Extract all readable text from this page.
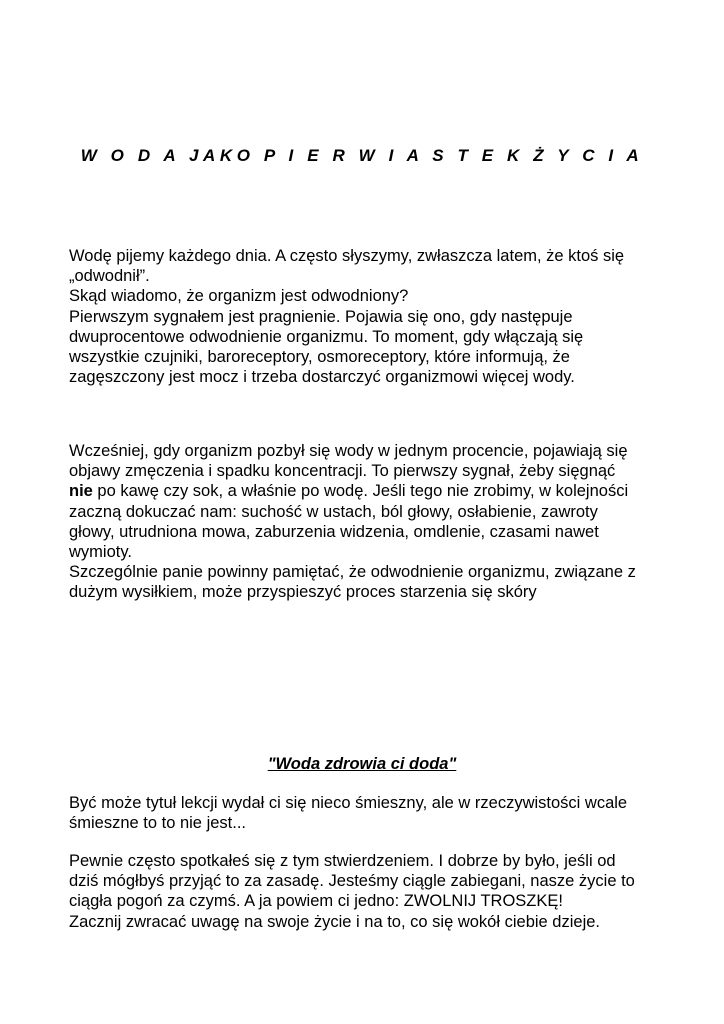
W O D A JAKO P I E R W I A S T E K Ż Y C I A
Wodę pijemy każdego dnia. A często słyszymy, zwłaszcza latem, że ktoś się
„odwodnił”.
Skąd wiadomo, że organizm jest odwodniony?
Pierwszym sygnałem jest pragnienie. Pojawia się ono, gdy następuje
dwuprocentowe odwodnienie organizmu. To moment, gdy włączają się
wszystkie czujniki, baroreceptory, osmoreceptory, które informują, że
zagęszczony jest mocz i trzeba dostarczyć organizmowi więcej wody.
Wcześniej, gdy organizm pozbył się wody w jednym procencie, pojawiają się
objawy zmęczenia i spadku koncentracji. To pierwszy sygnał, żeby sięgnąć
nie po kawę czy sok, a właśnie po wodę. Jeśli tego nie zrobimy, w kolejności
zaczną dokuczać nam: suchość w ustach, ból głowy, osłabienie, zawroty
głowy, utrudniona mowa, zaburzenia widzenia, omdlenie, czasami nawet
wymioty.
Szczególnie panie powinny pamiętać, że odwodnienie organizmu, związane z
dużym wysiłkiem, może przyspieszyć proces starzenia się skóry
"Woda zdrowia ci doda"
Być może tytuł lekcji wydał ci się nieco śmieszny, ale w rzeczywistości wcale
śmieszne to to nie jest...
Pewnie często spotkałeś się z tym stwierdzeniem. I dobrze by było, jeśli od
dziś mógłbyś przyjąć to za zasadę. Jesteśmy ciągle zabiegani, nasze życie to
ciągła pogoń za czymś. A ja powiem ci jedno: ZWOLNIJ TROSZKĘ!
Zacznij zwracać uwagę na swoje życie i na to, co się wokół ciebie dzieje.
